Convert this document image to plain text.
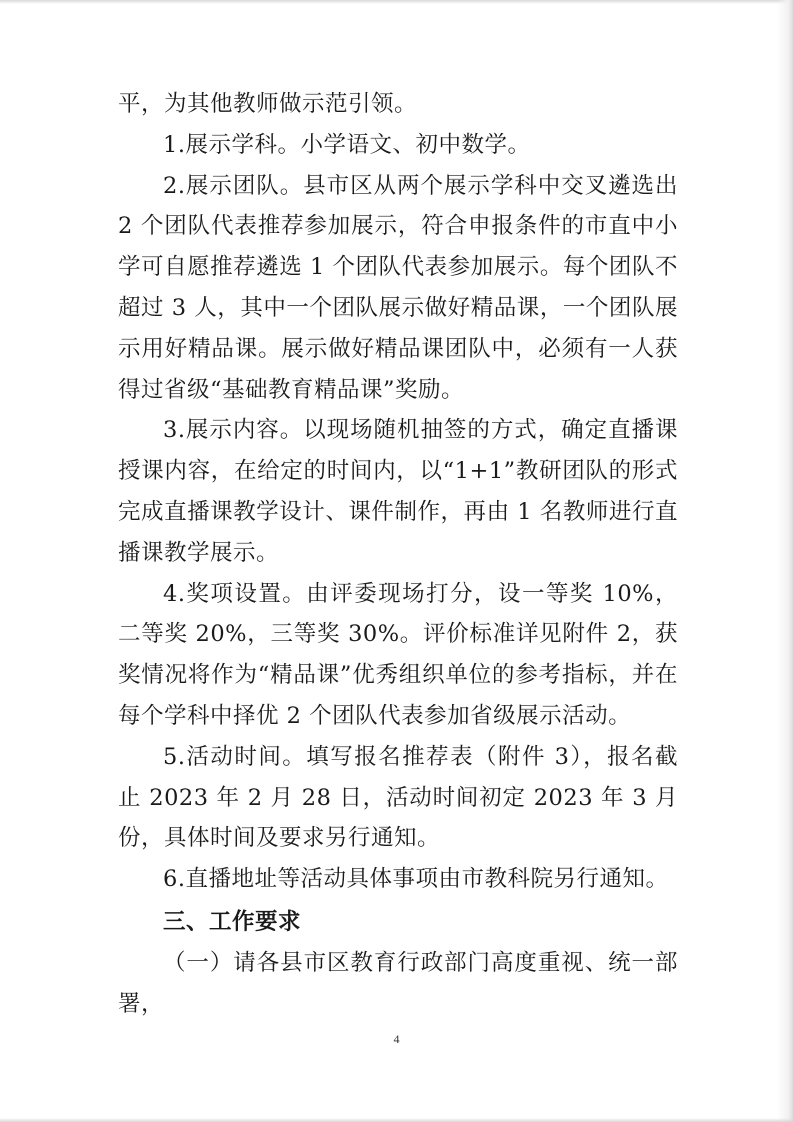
平，为其他教师做示范引领。

1.展示学科。小学语文、初中数学。

2.展示团队。县市区从两个展示学科中交叉遴选出 2 个团队代表推荐参加展示，符合申报条件的市直中小学可自愿推荐遴选 1 个团队代表参加展示。每个团队不超过 3 人，其中一个团队展示做好精品课，一个团队展示用好精品课。展示做好精品课团队中，必须有一人获得过省级“基础教育精品课”奖励。

3.展示内容。以现场随机抽签的方式，确定直播课授课内容，在给定的时间内，以“1+1”教研团队的形式完成直播课教学设计、课件制作，再由 1 名教师进行直播课教学展示。

4.奖项设置。由评委现场打分，设一等奖 10%，二等奖 20%，三等奖 30%。评价标准详见附件 2，获奖情况将作为“精品课”优秀组织单位的参考指标，并在每个学科中择优 2 个团队代表参加省级展示活动。

5.活动时间。填写报名推荐表（附件 3），报名截止 2023 年 2 月 28 日，活动时间初定 2023 年 3 月份，具体时间及要求另行通知。

6.直播地址等活动具体事项由市教科院另行通知。

三、工作要求

（一）请各县市区教育行政部门高度重视、统一部署，

4
